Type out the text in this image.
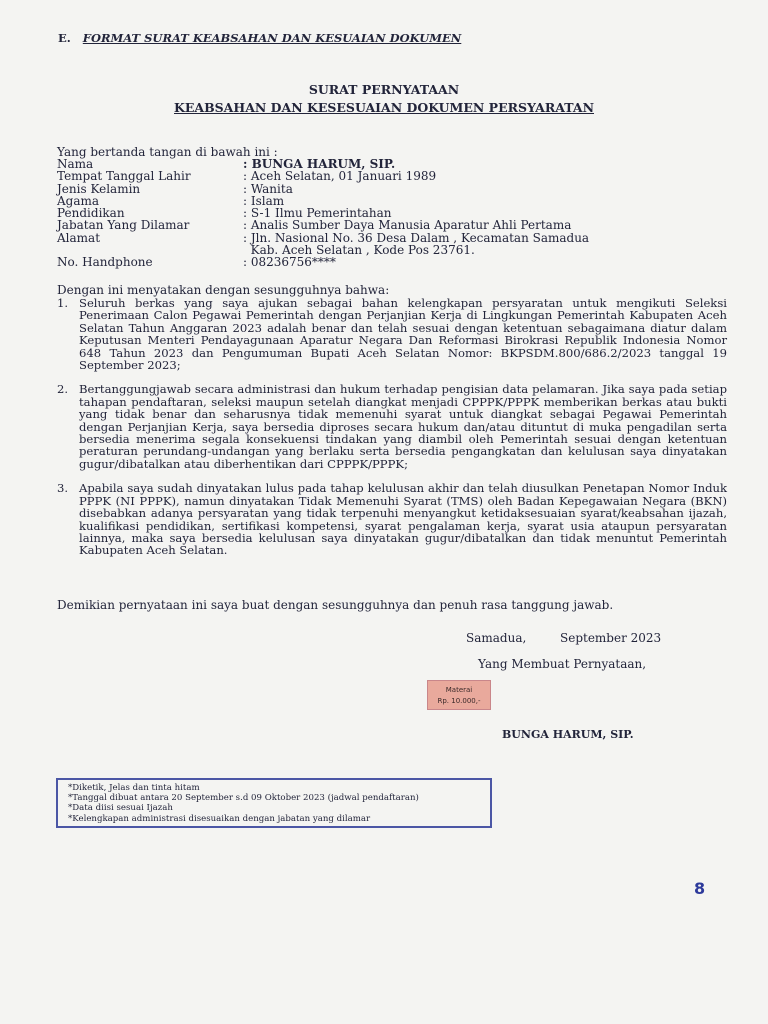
E. FORMAT SURAT KEABSAHAN DAN KESUAIAN DOKUMEN
SURAT PERNYATAAN
KEABSAHAN DAN KESESUAIAN DOKUMEN PERSYARATAN
Yang bertanda tangan di bawah ini :
Nama	: BUNGA HARUM, SIP.
Tempat Tanggal Lahir	: Aceh Selatan, 01 Januari 1989
Jenis Kelamin	: Wanita
Agama	: Islam
Pendidikan	: S-1 Ilmu Pemerintahan
Jabatan Yang Dilamar	: Analis Sumber Daya Manusia Aparatur Ahli Pertama
Alamat	: Jln. Nasional No. 36 Desa Dalam , Kecamatan Samadua
Kab. Aceh Selatan , Kode Pos 23761.
No. Handphone	: 08236756****
Dengan ini menyatakan dengan sesungguhnya bahwa:
1. Seluruh berkas yang saya ajukan sebagai bahan kelengkapan persyaratan untuk mengikuti Seleksi Penerimaan Calon Pegawai Pemerintah dengan Perjanjian Kerja di Lingkungan Pemerintah Kabupaten Aceh Selatan Tahun Anggaran 2023 adalah benar dan telah sesuai dengan ketentuan sebagaimana diatur dalam Keputusan Menteri Pendayagunaan Aparatur Negara Dan Reformasi Birokrasi Republik Indonesia Nomor 648 Tahun 2023 dan Pengumuman Bupati Aceh Selatan Nomor: BKPSDM.800/686.2/2023 tanggal 19 September 2023;
2. Bertanggungjawab secara administrasi dan hukum terhadap pengisian data pelamaran. Jika saya pada setiap tahapan pendaftaran, seleksi maupun setelah diangkat menjadi CPPPK/PPPK memberikan berkas atau bukti yang tidak benar dan seharusnya tidak memenuhi syarat untuk diangkat sebagai Pegawai Pemerintah dengan Perjanjian Kerja, saya bersedia diproses secara hukum dan/atau dituntut di muka pengadilan serta bersedia menerima segala konsekuensi tindakan yang diambil oleh Pemerintah sesuai dengan ketentuan peraturan perundang-undangan yang berlaku serta bersedia pengangkatan dan kelulusan saya dinyatakan gugur/dibatalkan atau diberhentikan dari CPPPK/PPPK;
3. Apabila saya sudah dinyatakan lulus pada tahap kelulusan akhir dan telah diusulkan Penetapan Nomor Induk PPPK (NI PPPK), namun dinyatakan Tidak Memenuhi Syarat (TMS) oleh Badan Kepegawaian Negara (BKN) disebabkan adanya persyaratan yang tidak terpenuhi menyangkut ketidaksesuaian syarat/keabsahan ijazah, kualifikasi pendidikan, sertifikasi kompetensi, syarat pengalaman kerja, syarat usia ataupun persyaratan lainnya, maka saya bersedia kelulusan saya dinyatakan gugur/dibatalkan dan tidak menuntut Pemerintah Kabupaten Aceh Selatan.
Demikian pernyataan ini saya buat dengan sesungguhnya dan penuh rasa tanggung jawab.
Samadua,	September 2023
Yang Membuat Pernyataan,
Materai
Rp. 10.000,-
BUNGA HARUM, SIP.
*Diketik, Jelas dan tinta hitam
*Tanggal dibuat antara 20 September s.d 09 Oktober 2023 (jadwal pendaftaran)
*Data diisi sesuai Ijazah
*Kelengkapan administrasi disesuaikan dengan jabatan yang dilamar
8
